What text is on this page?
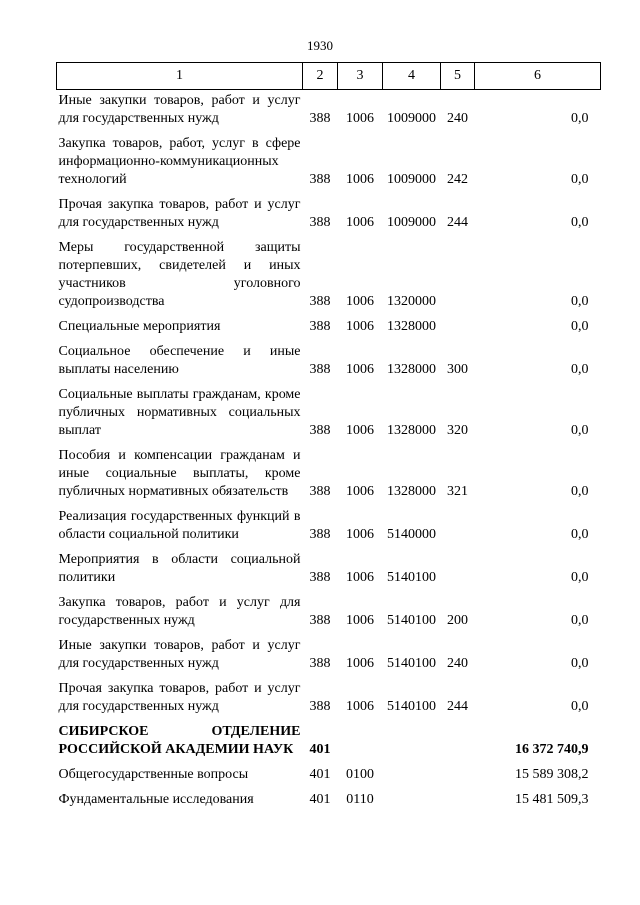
1930
1	2	3	4	5	6
Иные закупки товаров, работ и услуг для государственных нужд	388	1006	1009000	240	0,0
Закупка товаров, работ, услуг в сфере информационно-коммуникационных технологий	388	1006	1009000	242	0,0
Прочая закупка товаров, работ и услуг для государственных нужд	388	1006	1009000	244	0,0
Меры государственной защиты потерпевших, свидетелей и иных участников уголовного судопроизводства	388	1006	1320000		0,0
Специальные мероприятия	388	1006	1328000		0,0
Социальное обеспечение и иные выплаты населению	388	1006	1328000	300	0,0
Социальные выплаты гражданам, кроме публичных нормативных социальных выплат	388	1006	1328000	320	0,0
Пособия и компенсации гражданам и иные социальные выплаты, кроме публичных нормативных обязательств	388	1006	1328000	321	0,0
Реализация государственных функций в области социальной политики	388	1006	5140000		0,0
Мероприятия в области социальной политики	388	1006	5140100		0,0
Закупка товаров, работ и услуг для государственных нужд	388	1006	5140100	200	0,0
Иные закупки товаров, работ и услуг для государственных нужд	388	1006	5140100	240	0,0
Прочая закупка товаров, работ и услуг для государственных нужд	388	1006	5140100	244	0,0
СИБИРСКОЕ ОТДЕЛЕНИЕ РОССИЙСКОЙ АКАДЕМИИ НАУК	401				16 372 740,9
Общегосударственные вопросы	401	0100			15 589 308,2
Фундаментальные исследования	401	0110			15 481 509,3
